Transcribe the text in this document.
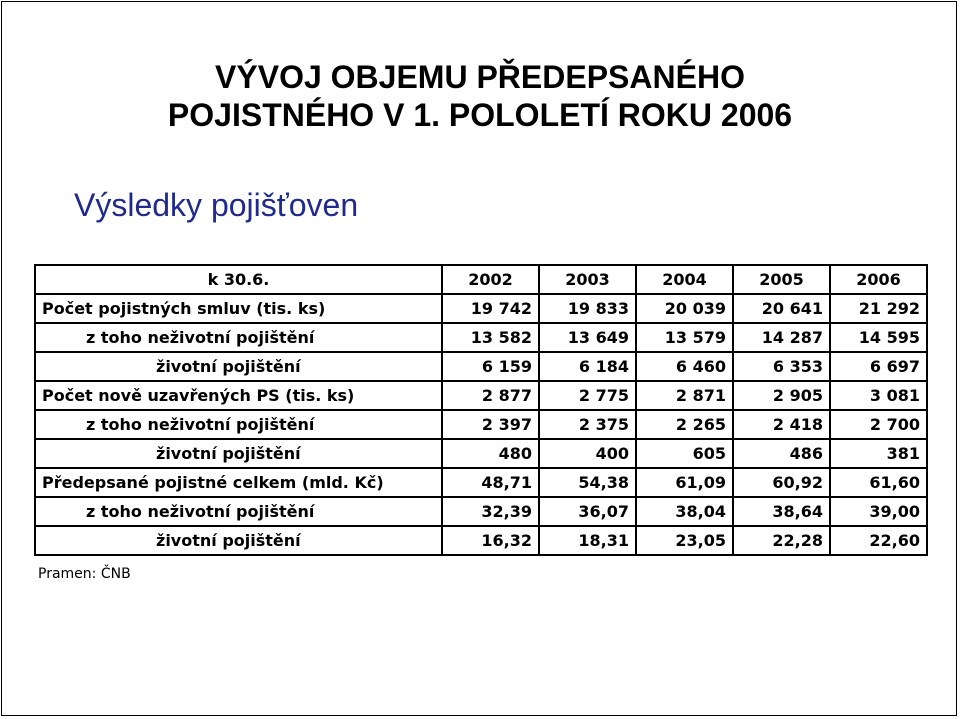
VÝVOJ OBJEMU PŘEDEPSANÉHO
POJISTNÉHO V 1. POLOLETÍ ROKU 2006
Výsledky pojišťoven
k 30.6.	2002	2003	2004	2005	2006
Počet pojistných smluv (tis. ks)	19 742	19 833	20 039	20 641	21 292
z toho neživotní pojištění	13 582	13 649	13 579	14 287	14 595
životní pojištění	6 159	6 184	6 460	6 353	6 697
Počet nově uzavřených PS (tis. ks)	2 877	2 775	2 871	2 905	3 081
z toho neživotní pojištění	2 397	2 375	2 265	2 418	2 700
životní pojištění	480	400	605	486	381
Předepsané pojistné celkem (mld. Kč)	48,71	54,38	61,09	60,92	61,60
z toho neživotní pojištění	32,39	36,07	38,04	38,64	39,00
životní pojištění	16,32	18,31	23,05	22,28	22,60
Pramen: ČNB
